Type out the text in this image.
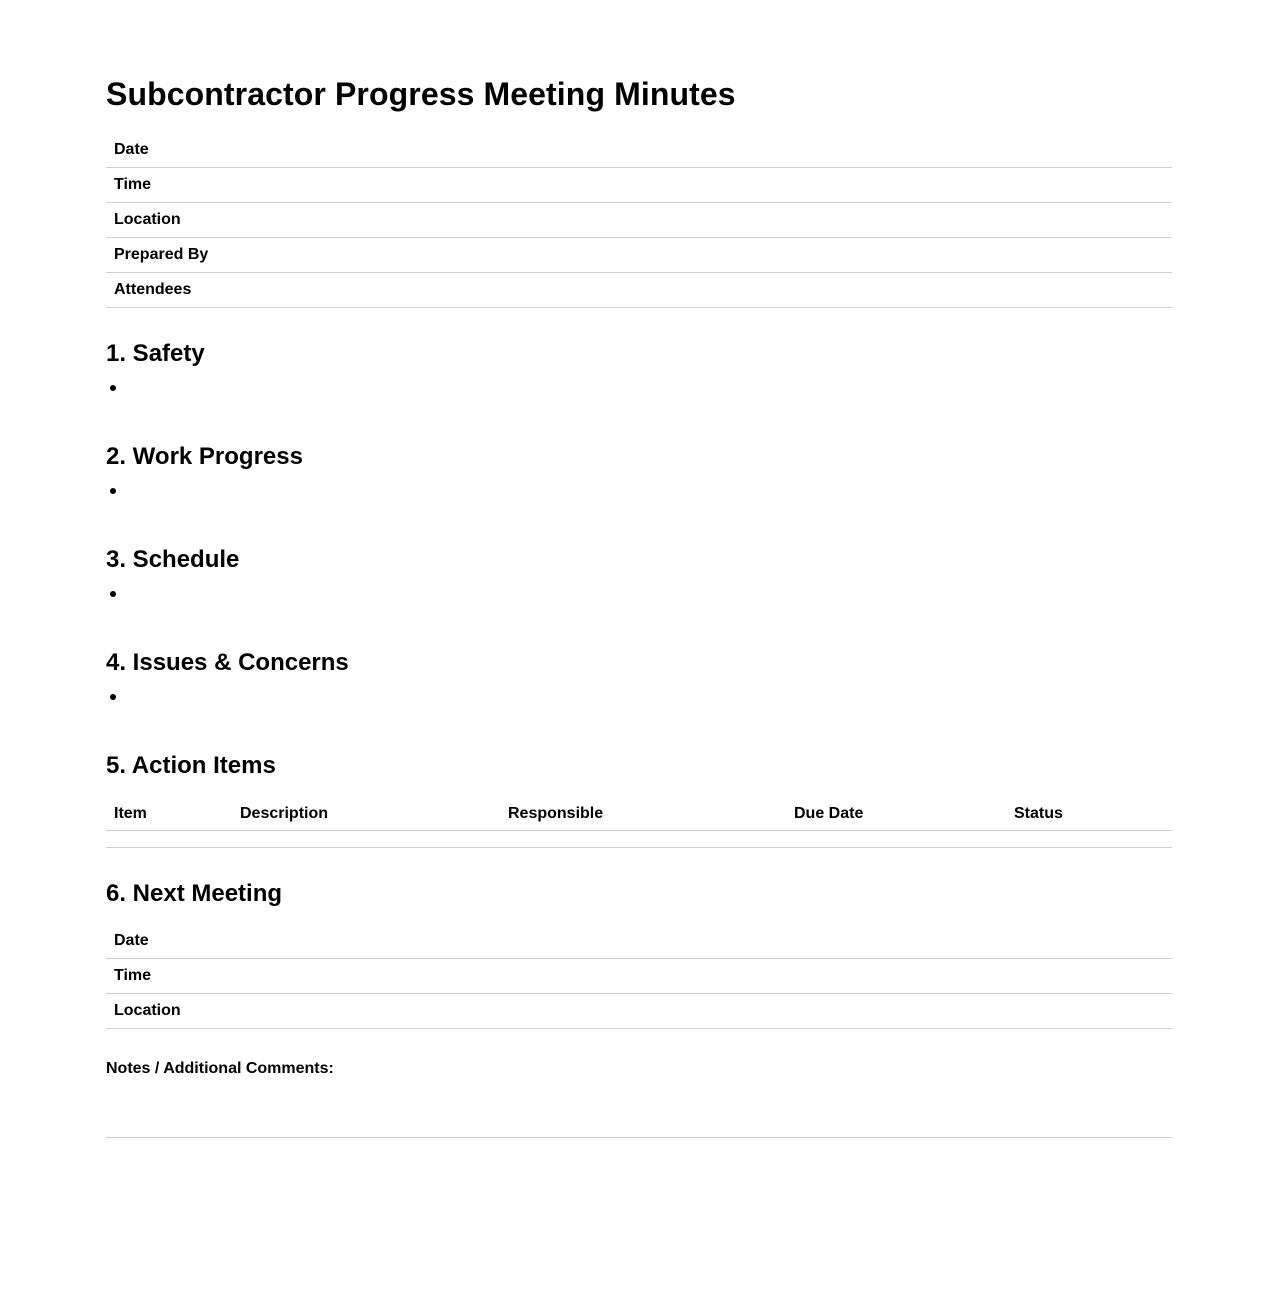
Subcontractor Progress Meeting Minutes
Date	
Time	
Location	
Prepared By	
Attendees	
1. Safety
2. Work Progress
3. Schedule
4. Issues & Concerns
5. Action Items
Item	Description	Responsible	Due Date	Status

6. Next Meeting
Date	
Time	
Location	
Notes / Additional Comments:
